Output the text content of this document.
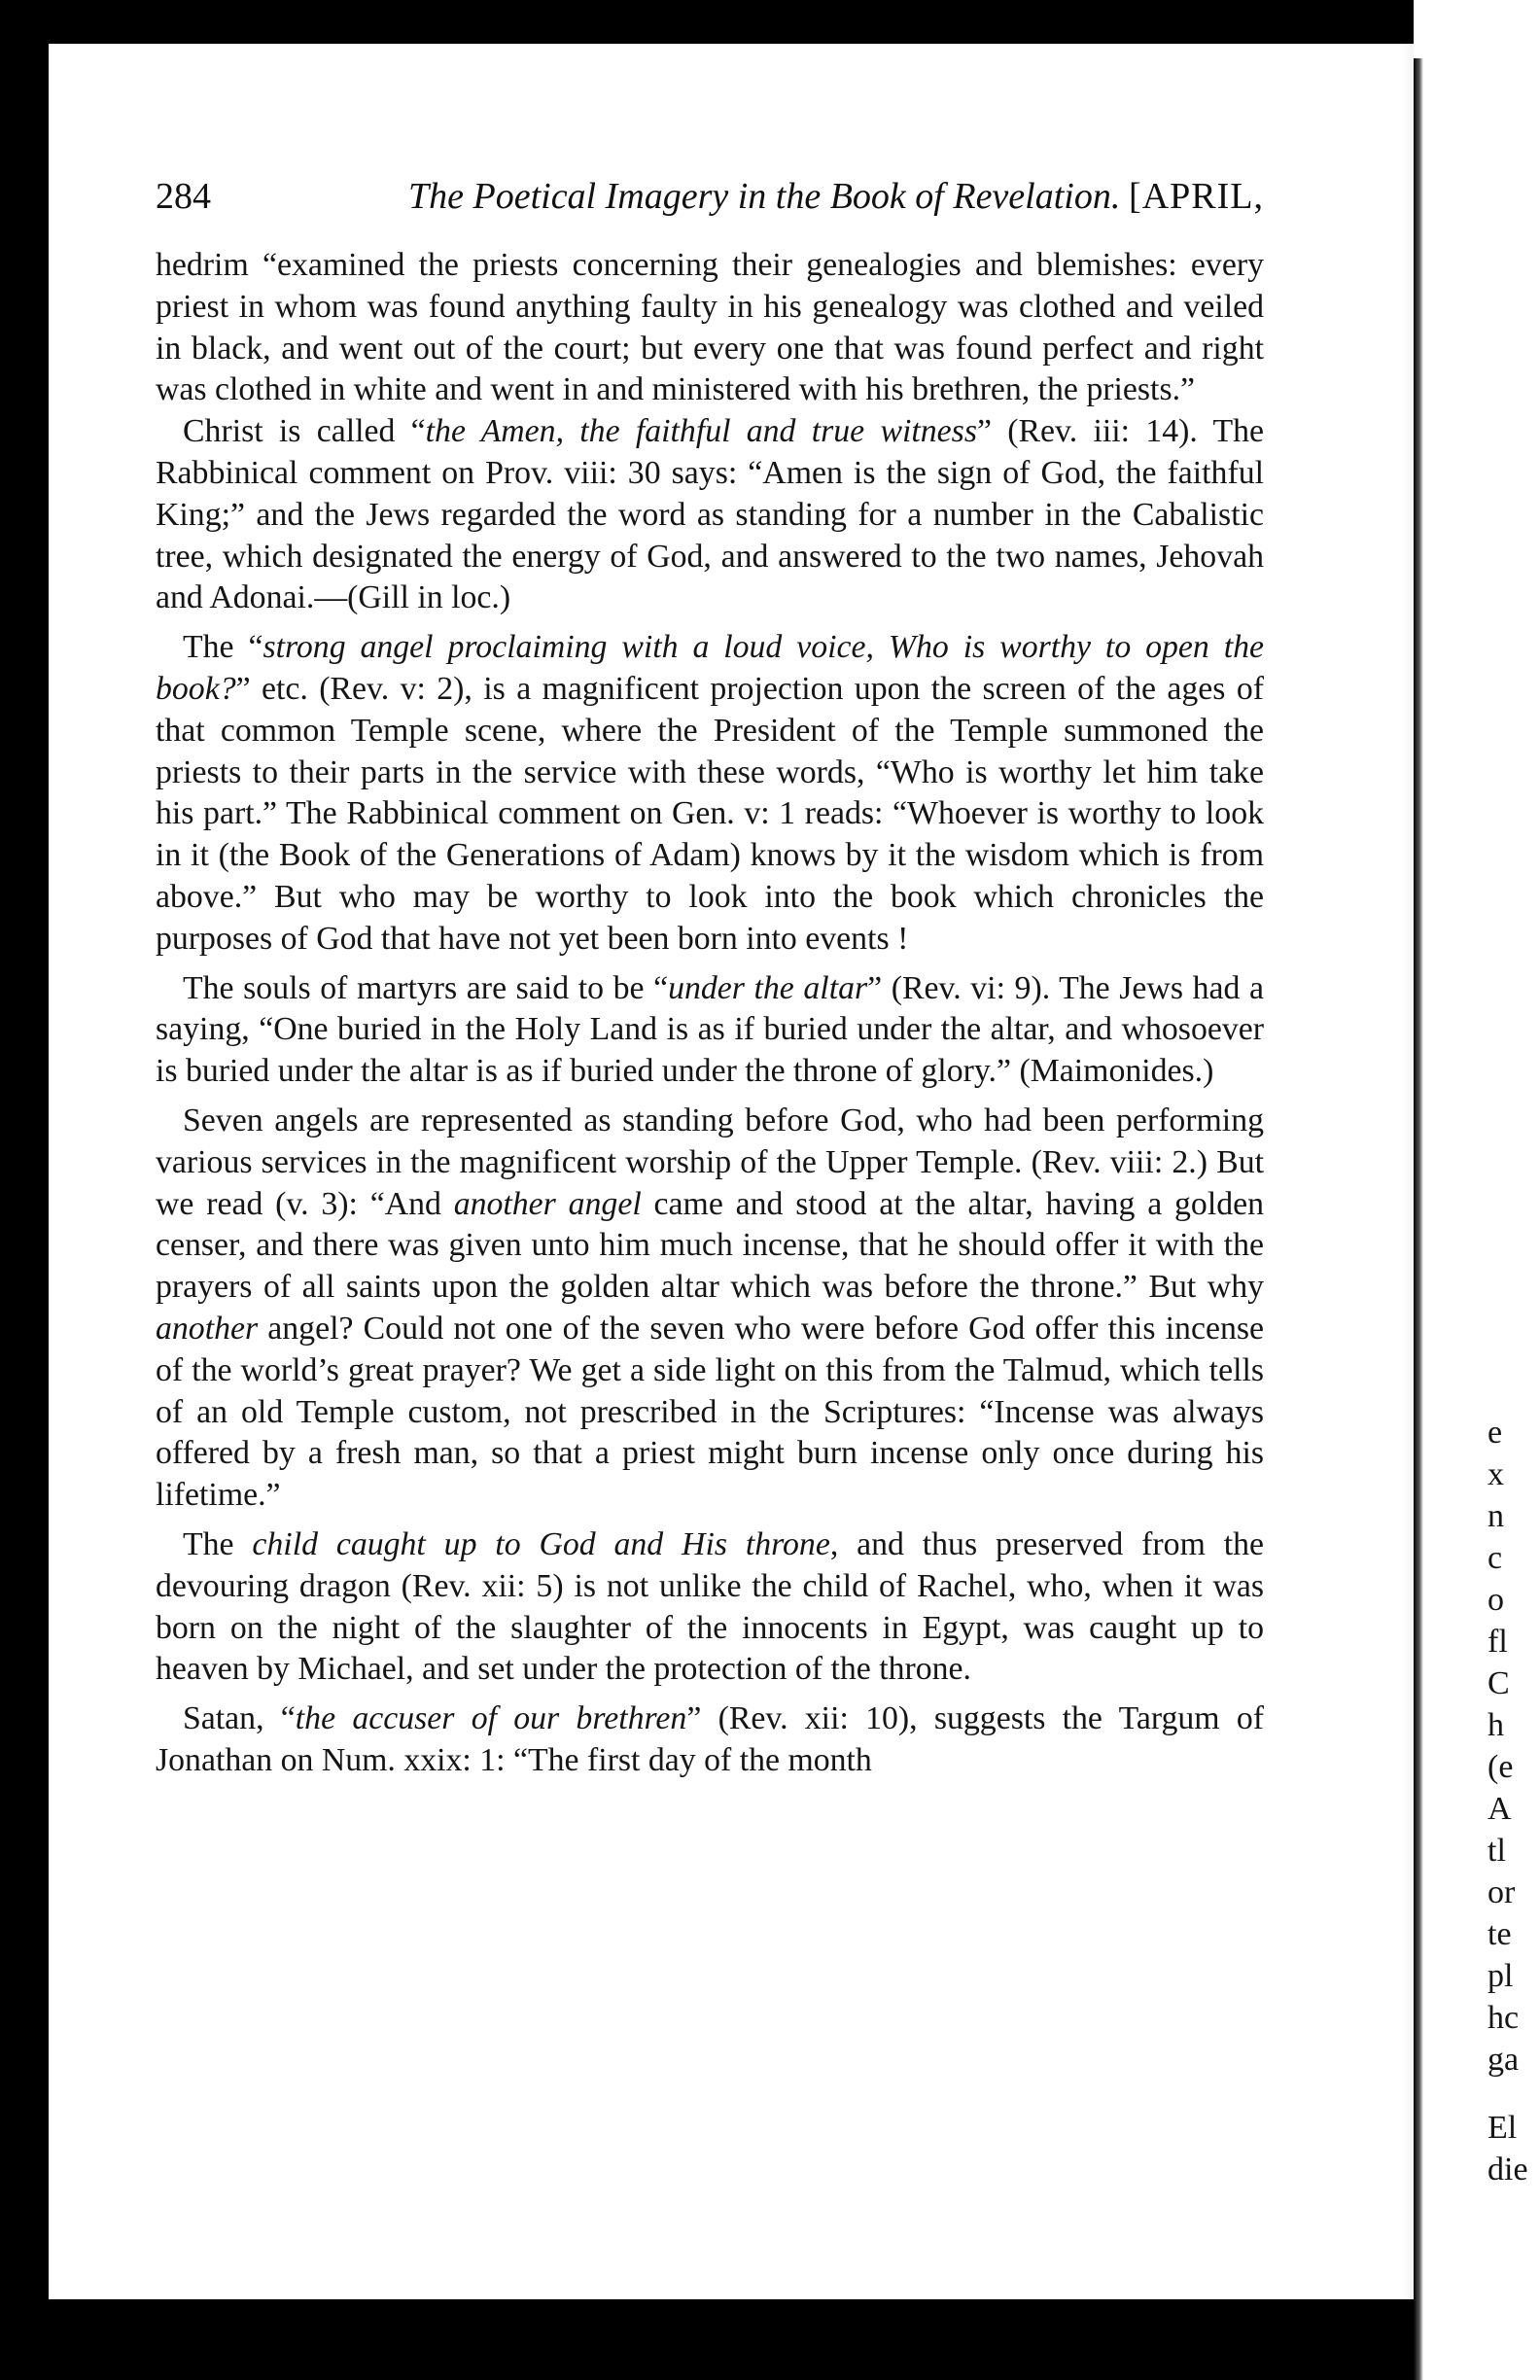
284	The Poetical Imagery in the Book of Revelation. [APRIL,

hedrim “examined the priests concerning their genealogies and blemishes: every priest in whom was found anything faulty in his genealogy was clothed and veiled in black, and went out of the court; but every one that was found perfect and right was clothed in white and went in and ministered with his brethren, the priests.”

Christ is called “the Amen, the faithful and true witness” (Rev. iii: 14). The Rabbinical comment on Prov. viii: 30 says: “Amen is the sign of God, the faithful King;” and the Jews regarded the word as standing for a number in the Cabalistic tree, which designated the energy of God, and answered to the two names, Jehovah and Adonai.—(Gill in loc.)

The “strong angel proclaiming with a loud voice, Who is worthy to open the book?” etc. (Rev. v: 2), is a magnificent projection upon the screen of the ages of that common Temple scene, where the President of the Temple summoned the priests to their parts in the service with these words, “Who is worthy let him take his part.” The Rabbinical comment on Gen. v: 1 reads: “Whoever is worthy to look in it (the Book of the Generations of Adam) knows by it the wisdom which is from above.” But who may be worthy to look into the book which chronicles the purposes of God that have not yet been born into events !

The souls of martyrs are said to be “under the altar” (Rev. vi: 9). The Jews had a saying, “One buried in the Holy Land is as if buried under the altar, and whosoever is buried under the altar is as if buried under the throne of glory.” (Maimonides.)

Seven angels are represented as standing before God, who had been performing various services in the magnificent worship of the Upper Temple. (Rev. viii: 2.) But we read (v. 3): “And another angel came and stood at the altar, having a golden censer, and there was given unto him much incense, that he should offer it with the prayers of all saints upon the golden altar which was before the throne.” But why another angel? Could not one of the seven who were before God offer this incense of the world’s great prayer? We get a side light on this from the Talmud, which tells of an old Temple custom, not prescribed in the Scriptures: “Incense was always offered by a fresh man, so that a priest might burn incense only once during his lifetime.”

The child caught up to God and His throne, and thus preserved from the devouring dragon (Rev. xii: 5) is not unlike the child of Rachel, who, when it was born on the night of the slaughter of the innocents in Egypt, was caught up to heaven by Michael, and set under the protection of the throne.

Satan, “the accuser of our brethren” (Rev. xii: 10), suggests the Targum of Jonathan on Num. xxix: 1: “The first day of the month

e
x
n
c
o
fl
C
h
(e
A
tl
or
te
pl
hc
ga
El
die
